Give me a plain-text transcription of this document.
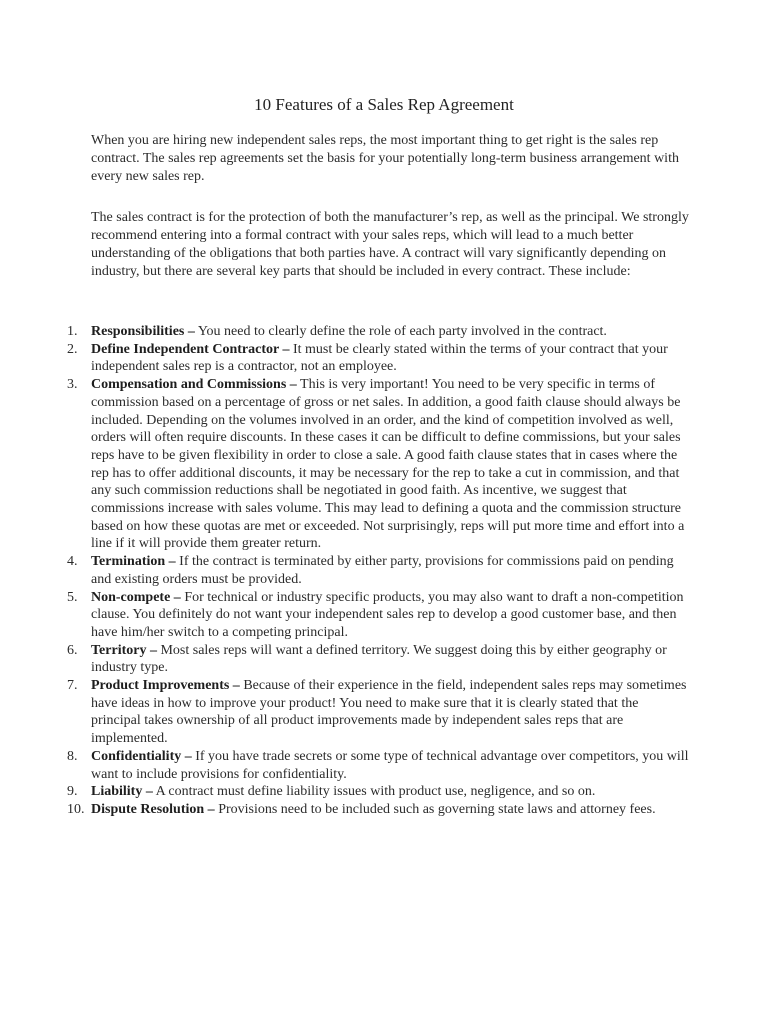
10 Features of a Sales Rep Agreement

When you are hiring new independent sales reps, the most important thing to get right is the sales rep contract. The sales rep agreements set the basis for your potentially long-term business arrangement with every new sales rep.

The sales contract is for the protection of both the manufacturer’s rep, as well as the principal. We strongly recommend entering into a formal contract with your sales reps, which will lead to a much better understanding of the obligations that both parties have. A contract will vary significantly depending on industry, but there are several key parts that should be included in every contract. These include:

1. Responsibilities – You need to clearly define the role of each party involved in the contract.
2. Define Independent Contractor – It must be clearly stated within the terms of your contract that your independent sales rep is a contractor, not an employee.
3. Compensation and Commissions – This is very important! You need to be very specific in terms of commission based on a percentage of gross or net sales. In addition, a good faith clause should always be included. Depending on the volumes involved in an order, and the kind of competition involved as well, orders will often require discounts. In these cases it can be difficult to define commissions, but your sales reps have to be given flexibility in order to close a sale. A good faith clause states that in cases where the rep has to offer additional discounts, it may be necessary for the rep to take a cut in commission, and that any such commission reductions shall be negotiated in good faith. As incentive, we suggest that commissions increase with sales volume. This may lead to defining a quota and the commission structure based on how these quotas are met or exceeded. Not surprisingly, reps will put more time and effort into a line if it will provide them greater return.
4. Termination – If the contract is terminated by either party, provisions for commissions paid on pending and existing orders must be provided.
5. Non-compete – For technical or industry specific products, you may also want to draft a non-competition clause. You definitely do not want your independent sales rep to develop a good customer base, and then have him/her switch to a competing principal.
6. Territory – Most sales reps will want a defined territory. We suggest doing this by either geography or industry type.
7. Product Improvements – Because of their experience in the field, independent sales reps may sometimes have ideas in how to improve your product! You need to make sure that it is clearly stated that the principal takes ownership of all product improvements made by independent sales reps that are implemented.
8. Confidentiality – If you have trade secrets or some type of technical advantage over competitors, you will want to include provisions for confidentiality.
9. Liability – A contract must define liability issues with product use, negligence, and so on.
10. Dispute Resolution – Provisions need to be included such as governing state laws and attorney fees.
